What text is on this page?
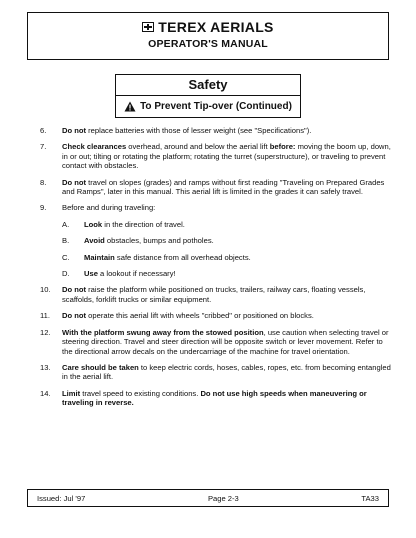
TEREX AERIALS
OPERATOR'S MANUAL
Safety
To Prevent Tip-over (Continued)
6.	Do not replace batteries with those of lesser weight (see "Specifications").
7.	Check clearances overhead, around and below the aerial lift before: moving the boom up, down, in or out; tilting or rotating the platform; rotating the turret (superstructure), or traveling to prevent contact with obstacles.
8.	Do not travel on slopes (grades) and ramps without first reading "Traveling on Prepared Grades and Ramps", later in this manual. This aerial lift is limited in the grades it can safely travel.
9.	Before and during traveling:
A.	Look in the direction of travel.
B.	Avoid obstacles, bumps and potholes.
C.	Maintain safe distance from all overhead objects.
D.	Use a lookout if necessary!
10.	Do not raise the platform while positioned on trucks, trailers, railway cars, floating vessels, scaffolds, forklift trucks or similar equipment.
11.	Do not operate this aerial lift with wheels "cribbed" or positioned on blocks.
12.	With the platform swung away from the stowed position, use caution when selecting travel or steering direction. Travel and steer direction will be opposite switch or lever movement. Refer to the directional arrow decals on the undercarriage of the machine for travel orientation.
13.	Care should be taken to keep electric cords, hoses, cables, ropes, etc. from becoming entangled in the aerial lift.
14.	Limit travel speed to existing conditions. Do not use high speeds when maneuvering or traveling in reverse.
Issued: Jul '97	Page 2-3	TA33
